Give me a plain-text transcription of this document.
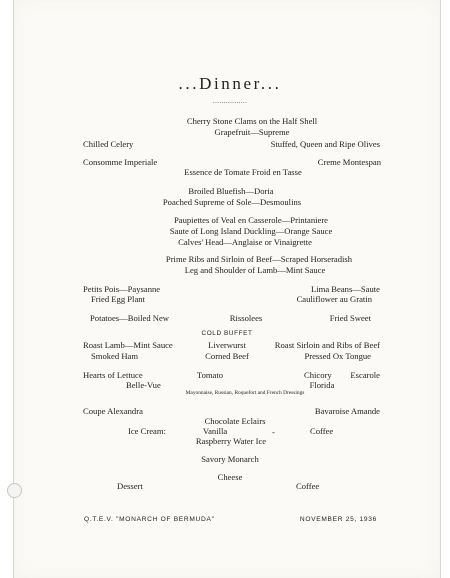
...Dinner...
................
Cherry Stone Clams on the Half Shell
Grapefruit—Supreme
Chilled Celery	Stuffed, Queen and Ripe Olives
Consomme Imperiale	Creme Montespan
Essence de Tomate Froid en Tasse
Broiled Bluefish—Doria
Poached Supreme of Sole—Desmoulins
Paupiettes of Veal en Casserole—Printaniere
Saute of Long Island Duckling—Orange Sauce
Calves' Head—Anglaise or Vinaigrette
Prime Ribs and Sirloin of Beef—Scraped Horseradish
Leg and Shoulder of Lamb—Mint Sauce
Petits Pois—Paysanne	Lima Beans—Saute
Fried Egg Plant	Cauliflower au Gratin
Potatoes—Boiled New	Rissolees	Fried Sweet
COLD BUFFET
Roast Lamb—Mint Sauce	Liverwurst	Roast Sirloin and Ribs of Beef
Smoked Ham	Corned Beef	Pressed Ox Tongue
Hearts of Lettuce	Tomato	Chicory Escarole
Belle-Vue	Florida
Mayonnaise, Russian, Roquefort and French Dressings
Coupe Alexandra	Bavaroise Amande
Chocolate Eclairs
Ice Cream:	Vanilla	-	Coffee
Raspberry Water Ice
Savory Monarch
Cheese
Dessert	Coffee
Q.T.E.V. "MONARCH OF BERMUDA"	NOVEMBER 25, 1936
